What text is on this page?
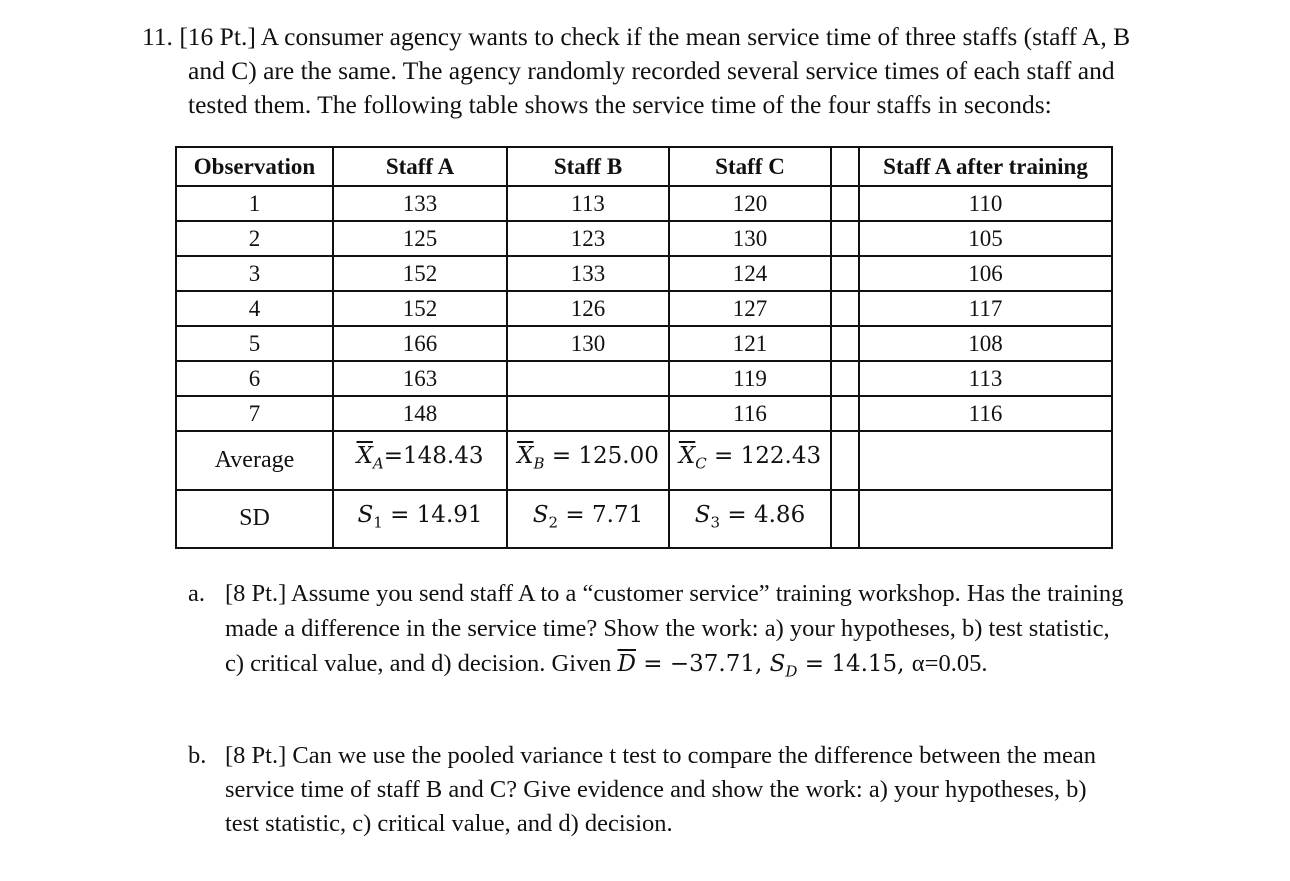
11. [16 Pt.] A consumer agency wants to check if the mean service time of three staffs (staff A, B
and C) are the same. The agency randomly recorded several service times of each staff and
tested them. The following table shows the service time of the four staffs in seconds:
Observation	Staff A	Staff B	Staff C		Staff A after training
1	133	113	120		110
2	125	123	130		105
3	152	133	124		106
4	152	126	127		117
5	166	130	121		108
6	163		119		113
7	148		116		116
Average	$\overline{X}_A=148.43$	$\overline{X}_B = 125.00$	$\overline{X}_C = 122.43$		
SD	$S_1 = 14.91$	$S_2 = 7.71$	$S_3 = 4.86$		
a. [8 Pt.] Assume you send staff A to a “customer service” training workshop. Has the training
made a difference in the service time? Show the work: a) your hypotheses, b) test statistic,
c) critical value, and d) decision. Given $\overline{D} = -37.71$, $S_D = 14.15$, α=0.05.
b. [8 Pt.] Can we use the pooled variance t test to compare the difference between the mean
service time of staff B and C? Give evidence and show the work: a) your hypotheses, b)
test statistic, c) critical value, and d) decision.
